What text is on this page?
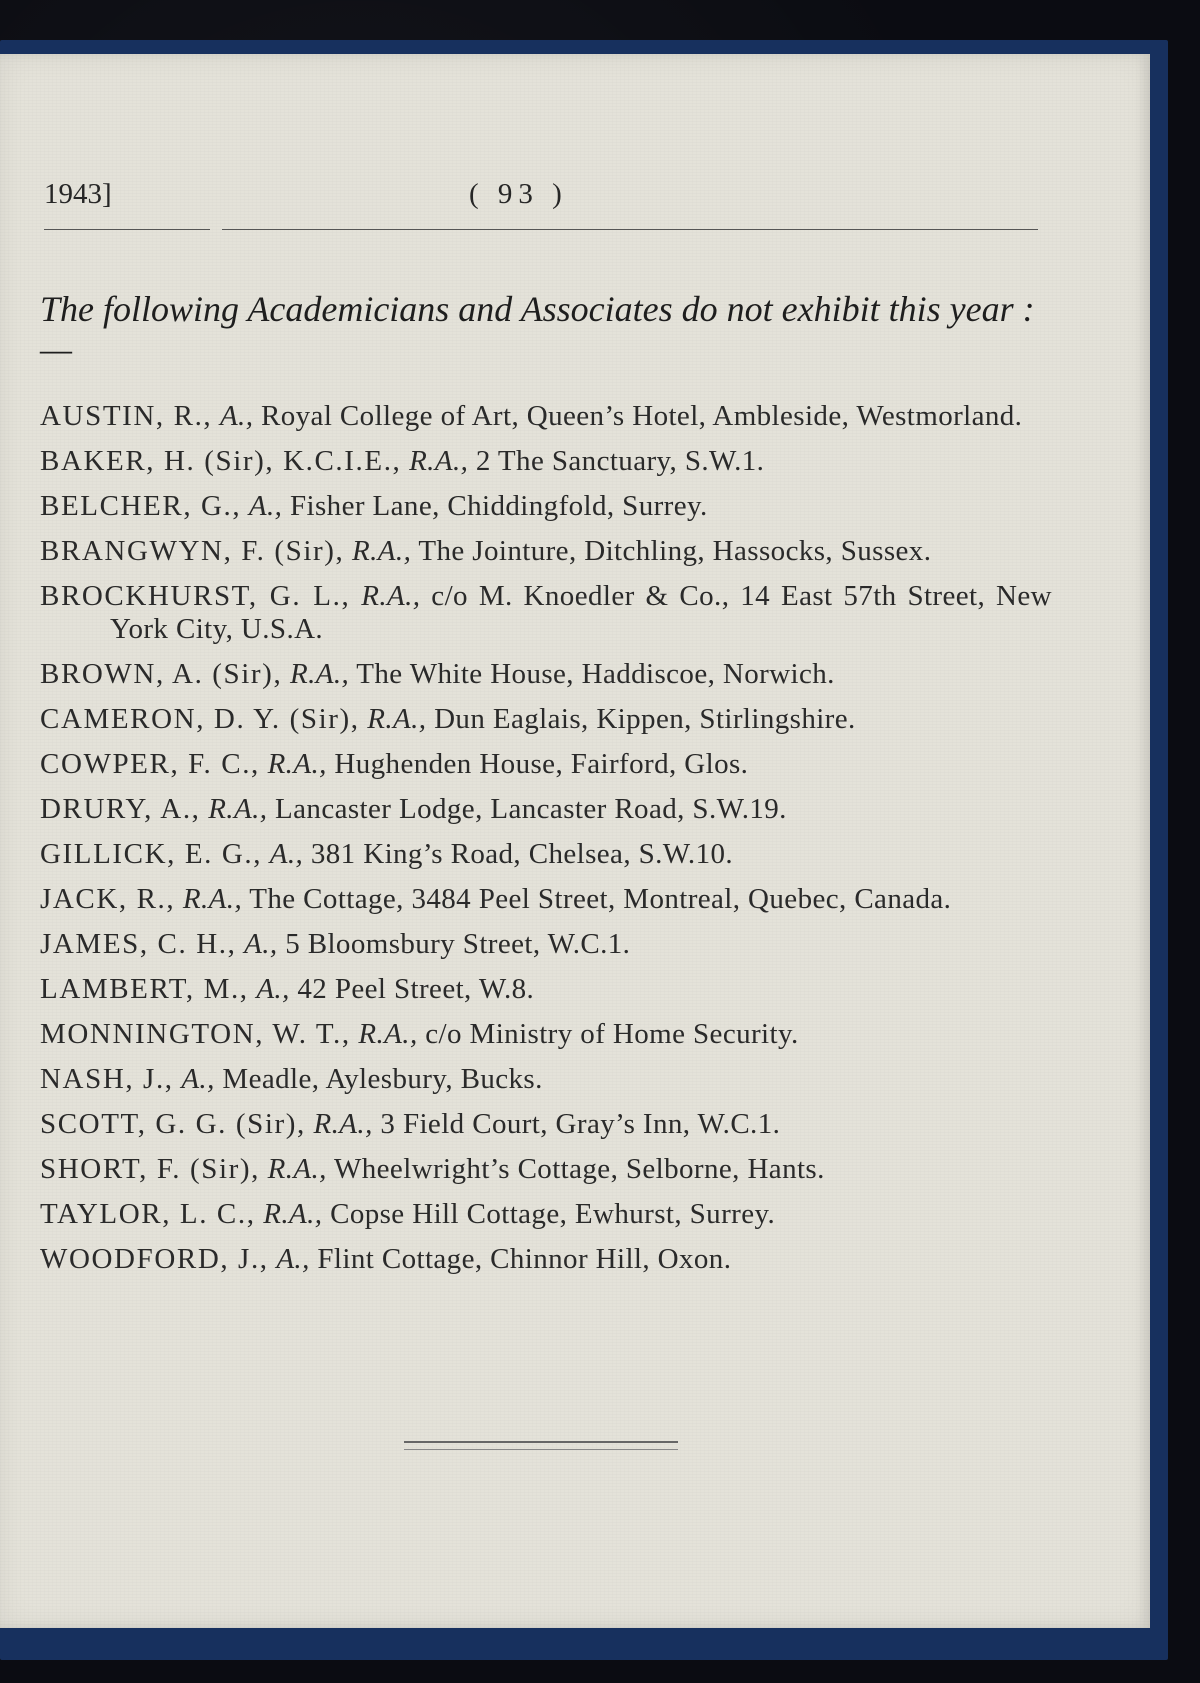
1943]	( 93 )
The following Academicians and Associates do not exhibit this year :—
AUSTIN, R., A., Royal College of Art, Queen’s Hotel, Ambleside, Westmorland.
BAKER, H. (Sir), K.C.I.E., R.A., 2 The Sanctuary, S.W.1.
BELCHER, G., A., Fisher Lane, Chiddingfold, Surrey.
BRANGWYN, F. (Sir), R.A., The Jointure, Ditchling, Hassocks, Sussex.
BROCKHURST, G. L., R.A., c/o M. Knoedler & Co., 14 East 57th Street, New York City, U.S.A.
BROWN, A. (Sir), R.A., The White House, Haddiscoe, Norwich.
CAMERON, D. Y. (Sir), R.A., Dun Eaglais, Kippen, Stirlingshire.
COWPER, F. C., R.A., Hughenden House, Fairford, Glos.
DRURY, A., R.A., Lancaster Lodge, Lancaster Road, S.W.19.
GILLICK, E. G., A., 381 King’s Road, Chelsea, S.W.10.
JACK, R., R.A., The Cottage, 3484 Peel Street, Montreal, Quebec, Canada.
JAMES, C. H., A., 5 Bloomsbury Street, W.C.1.
LAMBERT, M., A., 42 Peel Street, W.8.
MONNINGTON, W. T., R.A., c/o Ministry of Home Security.
NASH, J., A., Meadle, Aylesbury, Bucks.
SCOTT, G. G. (Sir), R.A., 3 Field Court, Gray’s Inn, W.C.1.
SHORT, F. (Sir), R.A., Wheelwright’s Cottage, Selborne, Hants.
TAYLOR, L. C., R.A., Copse Hill Cottage, Ewhurst, Surrey.
WOODFORD, J., A., Flint Cottage, Chinnor Hill, Oxon.
